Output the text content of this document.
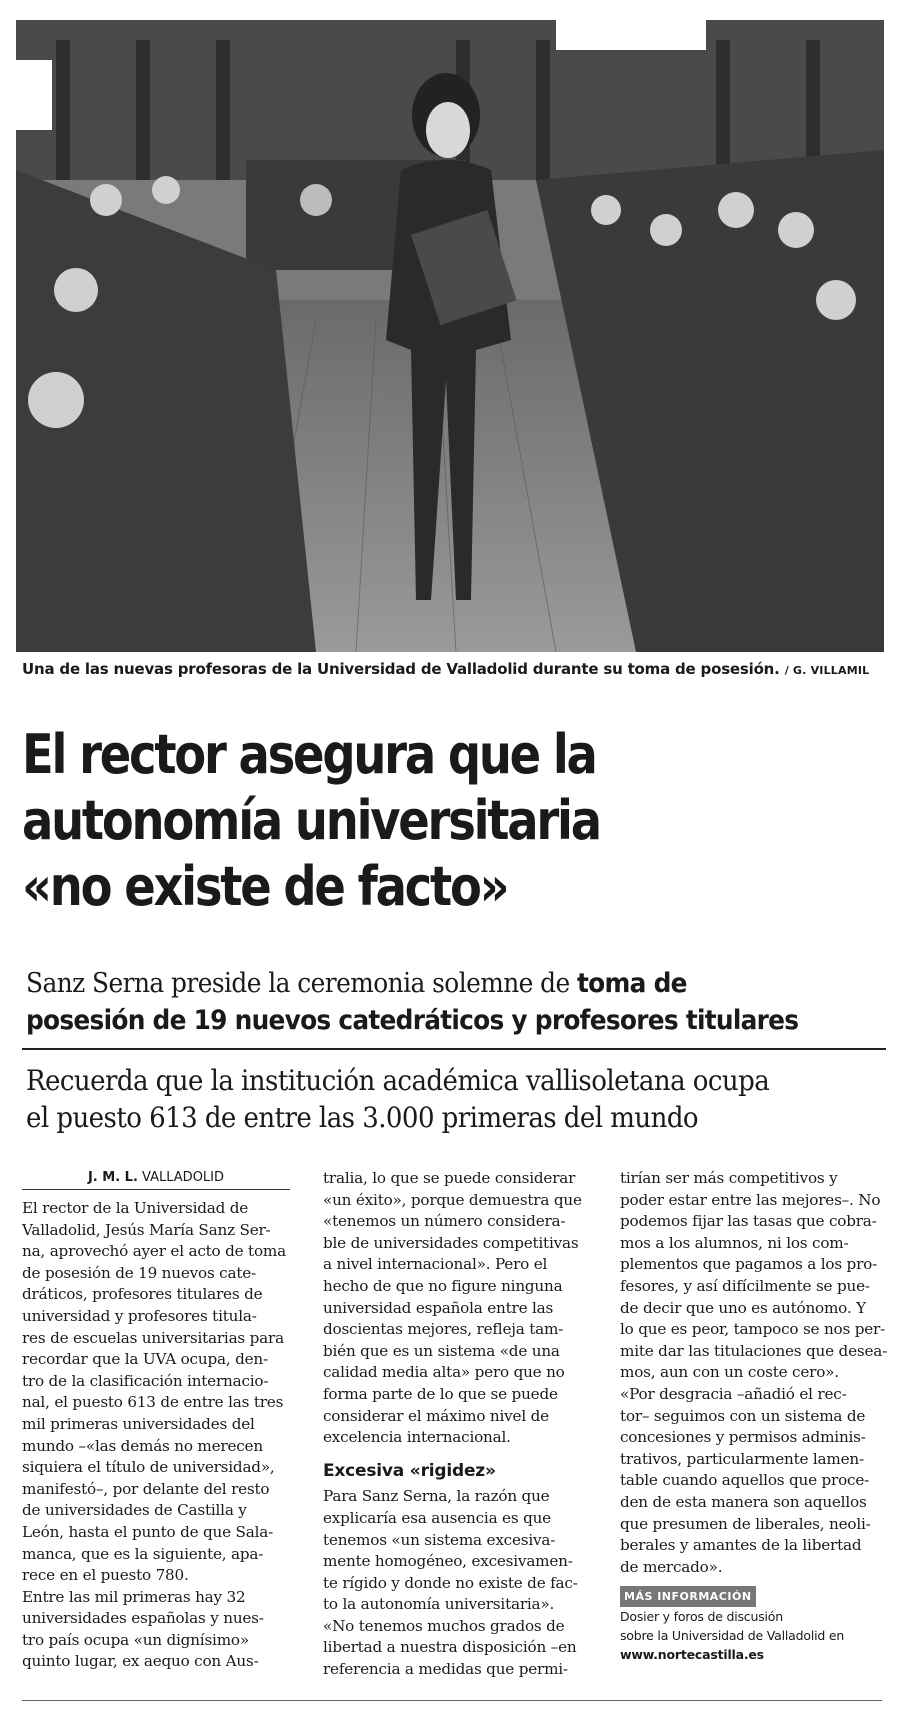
Una de las nuevas profesoras de la Universidad de Valladolid durante su toma de posesión. / G. VILLAMIL
El rector asegura que la
autonomía universitaria
«no existe de facto»
Sanz Serna preside la ceremonia solemne de toma de
posesión de 19 nuevos catedráticos y profesores titulares
Recuerda que la institución académica vallisoletana ocupa
el puesto 613 de entre las 3.000 primeras del mundo
J. M. L. VALLADOLID

El rector de la Universidad de

Valladolid, Jesús María Sanz Ser-

na, aprovechó ayer el acto de toma

de posesión de 19 nuevos cate-

dráticos, profesores titulares de

universidad y profesores titula-

res de escuelas universitarias para

recordar que la UVA ocupa, den-

tro de la clasificación internacio-

nal, el puesto 613 de entre las tres

mil primeras universidades del

mundo –«las demás no merecen

siquiera el título de universidad»,

manifestó–, por delante del resto

de universidades de Castilla y

León, hasta el punto de que Sala-

manca, que es la siguiente, apa-

rece en el puesto 780.

Entre las mil primeras hay 32

universidades españolas y nues-

tro país ocupa «un dignísimo»

quinto lugar, ex aequo con Aus-

tralia, lo que se puede considerar

«un éxito», porque demuestra que

«tenemos un número considera-

ble de universidades competitivas

a nivel internacional». Pero el

hecho de que no figure ninguna

universidad española entre las

doscientas mejores, refleja tam-

bién que es un sistema «de una

calidad media alta» pero que no

forma parte de lo que se puede

considerar el máximo nivel de

excelencia internacional.

Excesiva «rigidez»

Para Sanz Serna, la razón que

explicaría esa ausencia es que

tenemos «un sistema excesiva-

mente homogéneo, excesivamen-

te rígido y donde no existe de fac-

to la autonomía universitaria».

«No tenemos muchos grados de

libertad a nuestra disposición –en

referencia a medidas que permi-

tirían ser más competitivos y

poder estar entre las mejores–. No

podemos fijar las tasas que cobra-

mos a los alumnos, ni los com-

plementos que pagamos a los pro-

fesores, y así difícilmente se pue-

de decir que uno es autónomo. Y

lo que es peor, tampoco se nos per-

mite dar las titulaciones que desea-

mos, aun con un coste cero».

«Por desgracia –añadió el rec-

tor– seguimos con un sistema de

concesiones y permisos adminis-

trativos, particularmente lamen-

table cuando aquellos que proce-

den de esta manera son aquellos

que presumen de liberales, neoli-

berales y amantes de la libertad

de mercado».

MÁS INFORMACIÓN
Dosier y foros de discusión
sobre la Universidad de Valladolid en
www.nortecastilla.es
